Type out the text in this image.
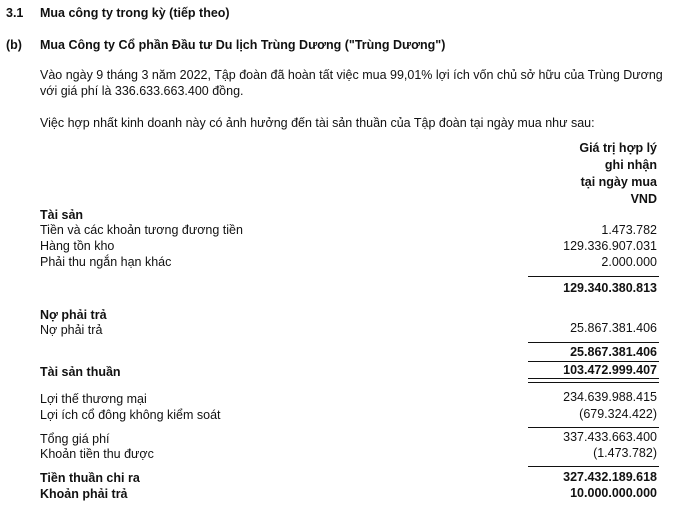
3.1 Mua công ty trong kỳ (tiếp theo)
(b) Mua Công ty Cổ phần Đầu tư Du lịch Trùng Dương ("Trùng Dương")
Vào ngày 9 tháng 3 năm 2022, Tập đoàn đã hoàn tất việc mua 99,01% lợi ích vốn chủ sở hữu của Trùng Dương
với giá phí là 336.633.663.400 đồng.
Việc hợp nhất kinh doanh này có ảnh hưởng đến tài sản thuần của Tập đoàn tại ngày mua như sau:
Giá trị hợp lý
ghi nhận
tại ngày mua
VND
Tài sản
Tiền và các khoản tương đương tiền	1.473.782
Hàng tồn kho	129.336.907.031
Phải thu ngắn hạn khác	2.000.000
129.340.380.813
Nợ phải trả
Nợ phải trả	25.867.381.406
25.867.381.406
Tài sản thuần	103.472.999.407
Lợi thế thương mại	234.639.988.415
Lợi ích cổ đông không kiểm soát	(679.324.422)
Tổng giá phí	337.433.663.400
Khoản tiền thu được	(1.473.782)
Tiền thuần chi ra	327.432.189.618
Khoản phải trả	10.000.000.000
